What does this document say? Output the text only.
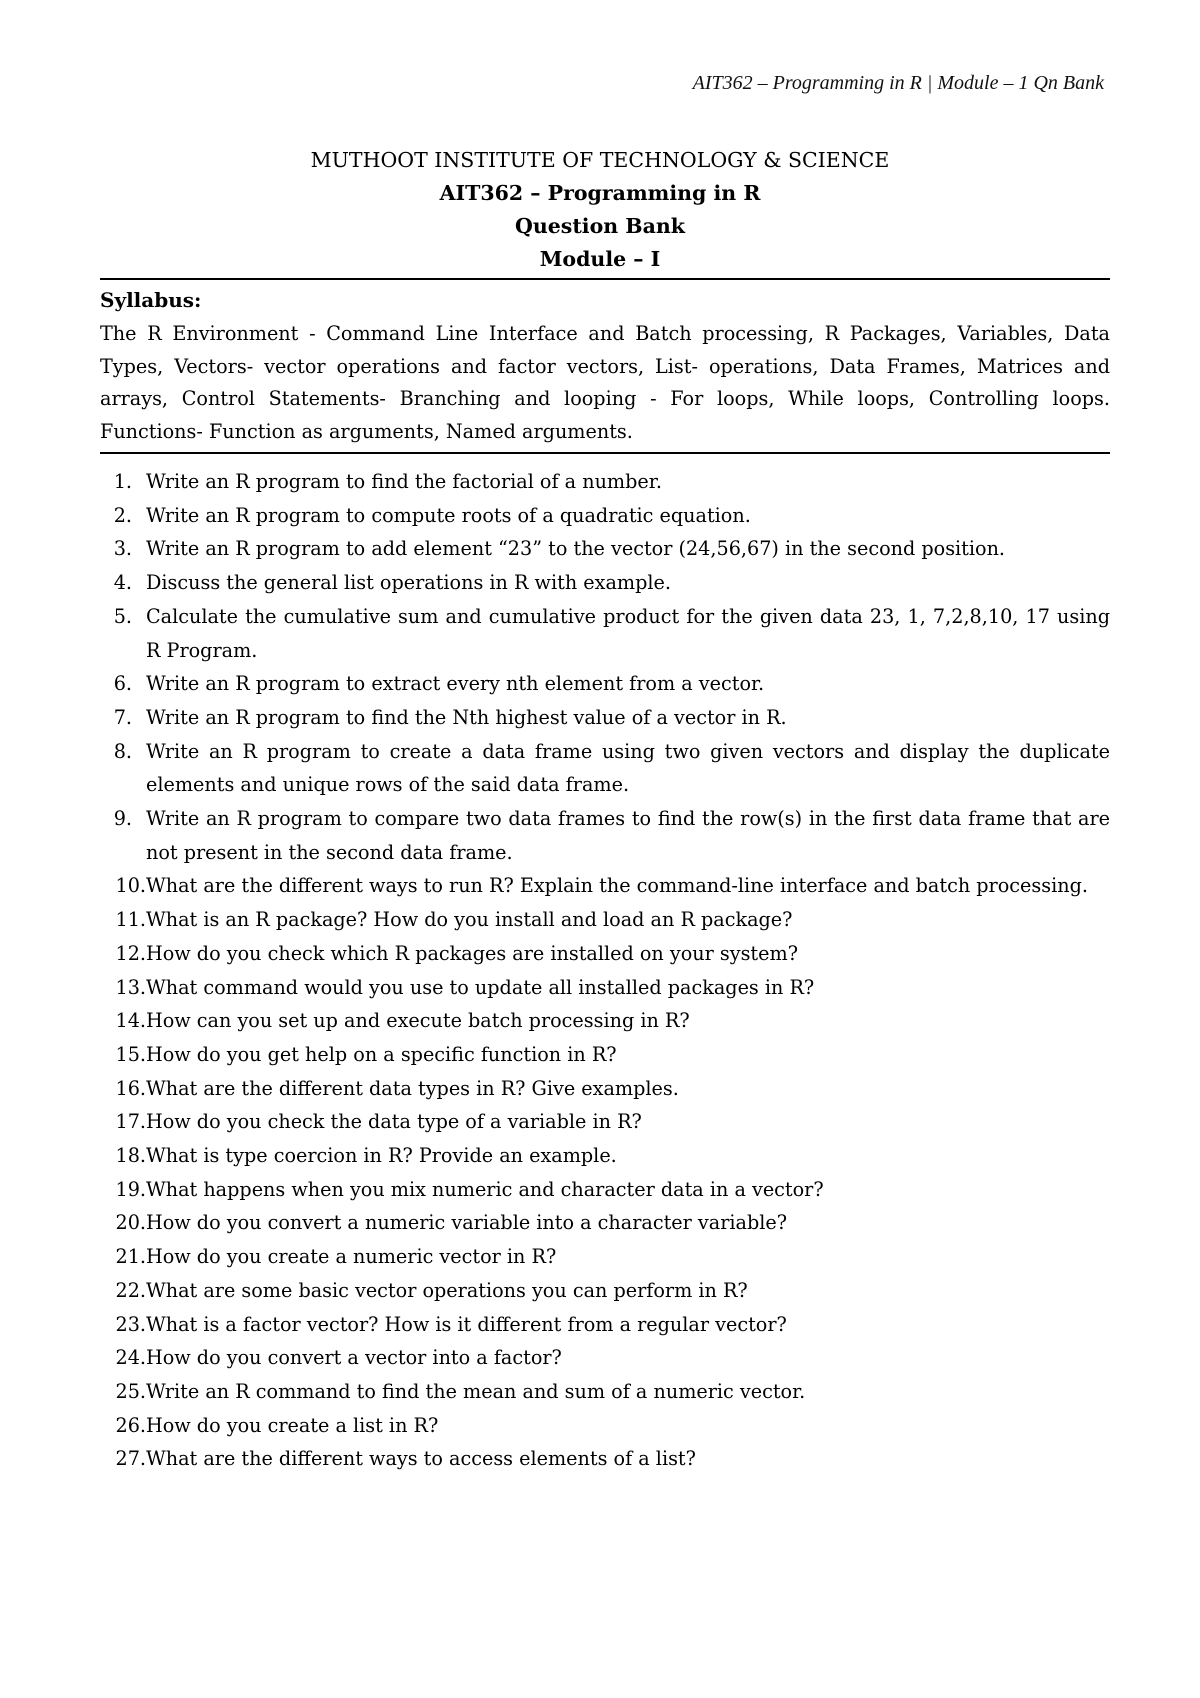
AIT362 – Programming in R | Module – 1 Qn Bank
MUTHOOT INSTITUTE OF TECHNOLOGY & SCIENCE
AIT362 – Programming in R
Question Bank
Module – I
Syllabus:
The R Environment - Command Line Interface and Batch processing, R Packages, Variables, Data Types, Vectors- vector operations and factor vectors, List- operations, Data Frames, Matrices and arrays, Control Statements- Branching and looping - For loops, While loops, Controlling loops. Functions- Function as arguments, Named arguments.
1. Write an R program to find the factorial of a number.
2. Write an R program to compute roots of a quadratic equation.
3. Write an R program to add element “23” to the vector (24,56,67) in the second position.
4. Discuss the general list operations in R with example.
5. Calculate the cumulative sum and cumulative product for the given data 23, 1, 7,2,8,10, 17 using R Program.
6. Write an R program to extract every nth element from a vector.
7. Write an R program to find the Nth highest value of a vector in R.
8. Write an R program to create a data frame using two given vectors and display the duplicate elements and unique rows of the said data frame.
9. Write an R program to compare two data frames to find the row(s) in the first data frame that are not present in the second data frame.
10. What are the different ways to run R? Explain the command-line interface and batch processing.
11. What is an R package? How do you install and load an R package?
12. How do you check which R packages are installed on your system?
13. What command would you use to update all installed packages in R?
14. How can you set up and execute batch processing in R?
15. How do you get help on a specific function in R?
16. What are the different data types in R? Give examples.
17. How do you check the data type of a variable in R?
18. What is type coercion in R? Provide an example.
19. What happens when you mix numeric and character data in a vector?
20. How do you convert a numeric variable into a character variable?
21. How do you create a numeric vector in R?
22. What are some basic vector operations you can perform in R?
23. What is a factor vector? How is it different from a regular vector?
24. How do you convert a vector into a factor?
25. Write an R command to find the mean and sum of a numeric vector.
26. How do you create a list in R?
27. What are the different ways to access elements of a list?
